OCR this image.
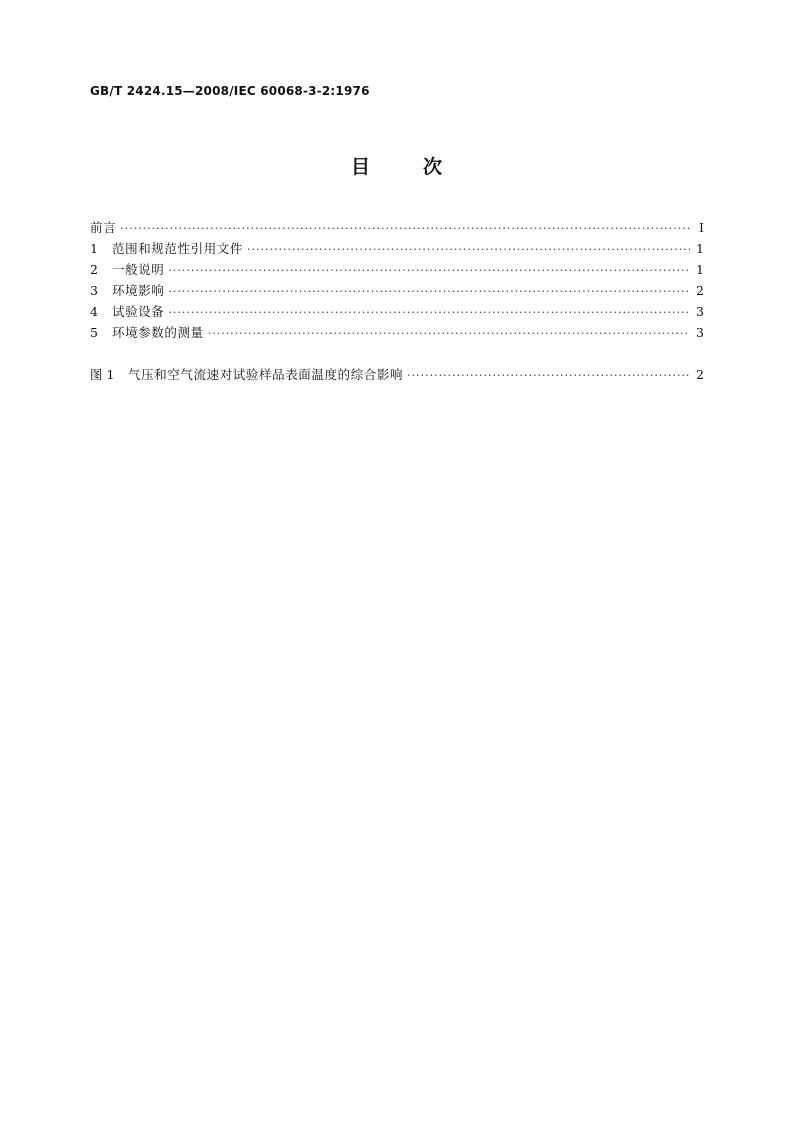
GB/T 2424.15—2008/IEC 60068-3-2:1976
目	次
前言 ·····	Ⅰ
1	范围和规范性引用文件 ·····	1
2	一般说明 ·····	1
3	环境影响 ·····	2
4	试验设备 ·····	3
5	环境参数的测量 ·····	3
图 1	气压和空气流速对试验样品表面温度的综合影响 ·····	2
